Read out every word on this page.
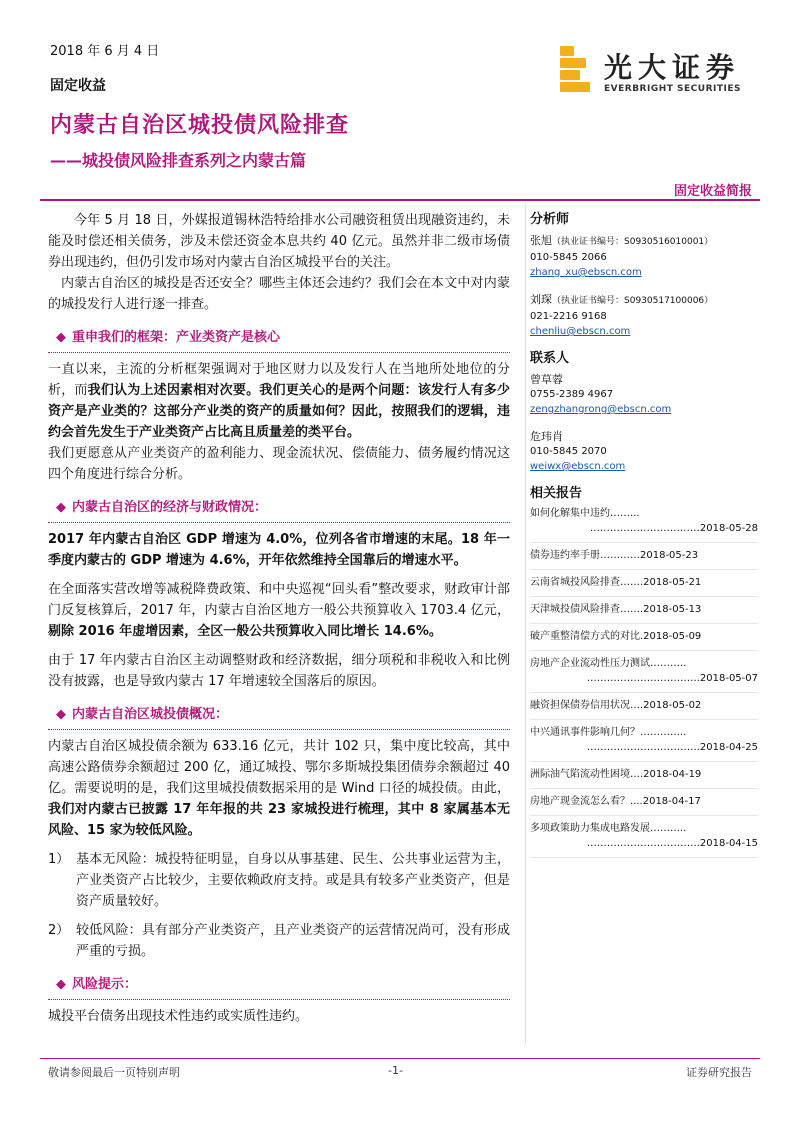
2018 年 6 月 4 日
固定收益
内蒙古自治区城投债风险排查
——城投债风险排查系列之内蒙古篇
光大证券
EVERBRIGHT SECURITIES
固定收益简报

今年 5 月 18 日，外媒报道锡林浩特给排水公司融资租赁出现融资违约，未能及时偿还相关债务，涉及未偿还资金本息共约 40 亿元。虽然并非二级市场债券出现违约，但仍引发市场对内蒙古自治区城投平台的关注。

内蒙古自治区的城投是否还安全？哪些主体还会违约？我们会在本文中对内蒙的城投发行人进行逐一排查。

◆ 重申我们的框架：产业类资产是核心

一直以来，主流的分析框架强调对于地区财力以及发行人在当地所处地位的分析，而我们认为上述因素相对次要。我们更关心的是两个问题：该发行人有多少资产是产业类的？这部分产业类的资产的质量如何？因此，按照我们的逻辑，违约会首先发生于产业类资产占比高且质量差的类平台。

我们更愿意从产业类资产的盈利能力、现金流状况、偿债能力、债务履约情况这四个角度进行综合分析。

◆ 内蒙古自治区的经济与财政情况：

2017 年内蒙古自治区 GDP 增速为 4.0%，位列各省市增速的末尾。18 年一季度内蒙古的 GDP 增速为 4.6%，开年依然维持全国靠后的增速水平。

在全面落实营改增等减税降费政策、和中央巡视“回头看”整改要求，财政审计部门反复核算后，2017 年，内蒙古自治区地方一般公共预算收入 1703.4 亿元，剔除 2016 年虚增因素，全区一般公共预算收入同比增长 14.6%。

由于 17 年内蒙古自治区主动调整财政和经济数据，细分项税和非税收入和比例没有披露，也是导致内蒙古 17 年增速较全国落后的原因。

◆ 内蒙古自治区城投债概况：

内蒙古自治区城投债余额为 633.16 亿元，共计 102 只，集中度比较高，其中高速公路债券余额超过 200 亿，通辽城投、鄂尔多斯城投集团债券余额超过 40 亿。需要说明的是，我们这里城投债数据采用的是 Wind 口径的城投债。由此，我们对内蒙古已披露 17 年年报的共 23 家城投进行梳理，其中 8 家属基本无风险、15 家为较低风险。

1） 基本无风险：城投特征明显，自身以从事基建、民生、公共事业运营为主，产业类资产占比较少，主要依赖政府支持。或是具有较多产业类资产，但是资产质量较好。
2） 较低风险：具有部分产业类资产，且产业类资产的运营情况尚可，没有形成严重的亏损。
◆ 风险提示：

城投平台债务出现技术性违约或实质性违约。

分析师
张旭（执业证书编号：S0930516010001）
010-5845 2066
zhang_xu@ebscn.com
刘琛（执业证书编号：S0930517100006）
021-2216 9168
chenliu@ebscn.com
联系人
曾草蓉
0755-2389 4967
zengzhangrong@ebscn.com
危玮肖
010-5845 2070
weiwx@ebscn.com
相关报告
如何化解集中违约……...
……………………………2018-05-28
债券违约率手册…………2018-05-23
云南省城投风险排查…….2018-05-21
天津城投债风险排查…….2018-05-13
破产重整清偿方式的对比.2018-05-09
房地产企业流动性压力测试………..
…………………………….2018-05-07
融资担保债券信用状况….2018-05-02
中兴通讯事件影响几何？…………..
…………………………….2018-04-25
洲际油气陷流动性困境….2018-04-19
房地产现金流怎么看？....2018-04-17
多项政策助力集成电路发展………..
…………………………….2018-04-15
敬请参阅最后一页特别声明	-1-	证券研究报告
